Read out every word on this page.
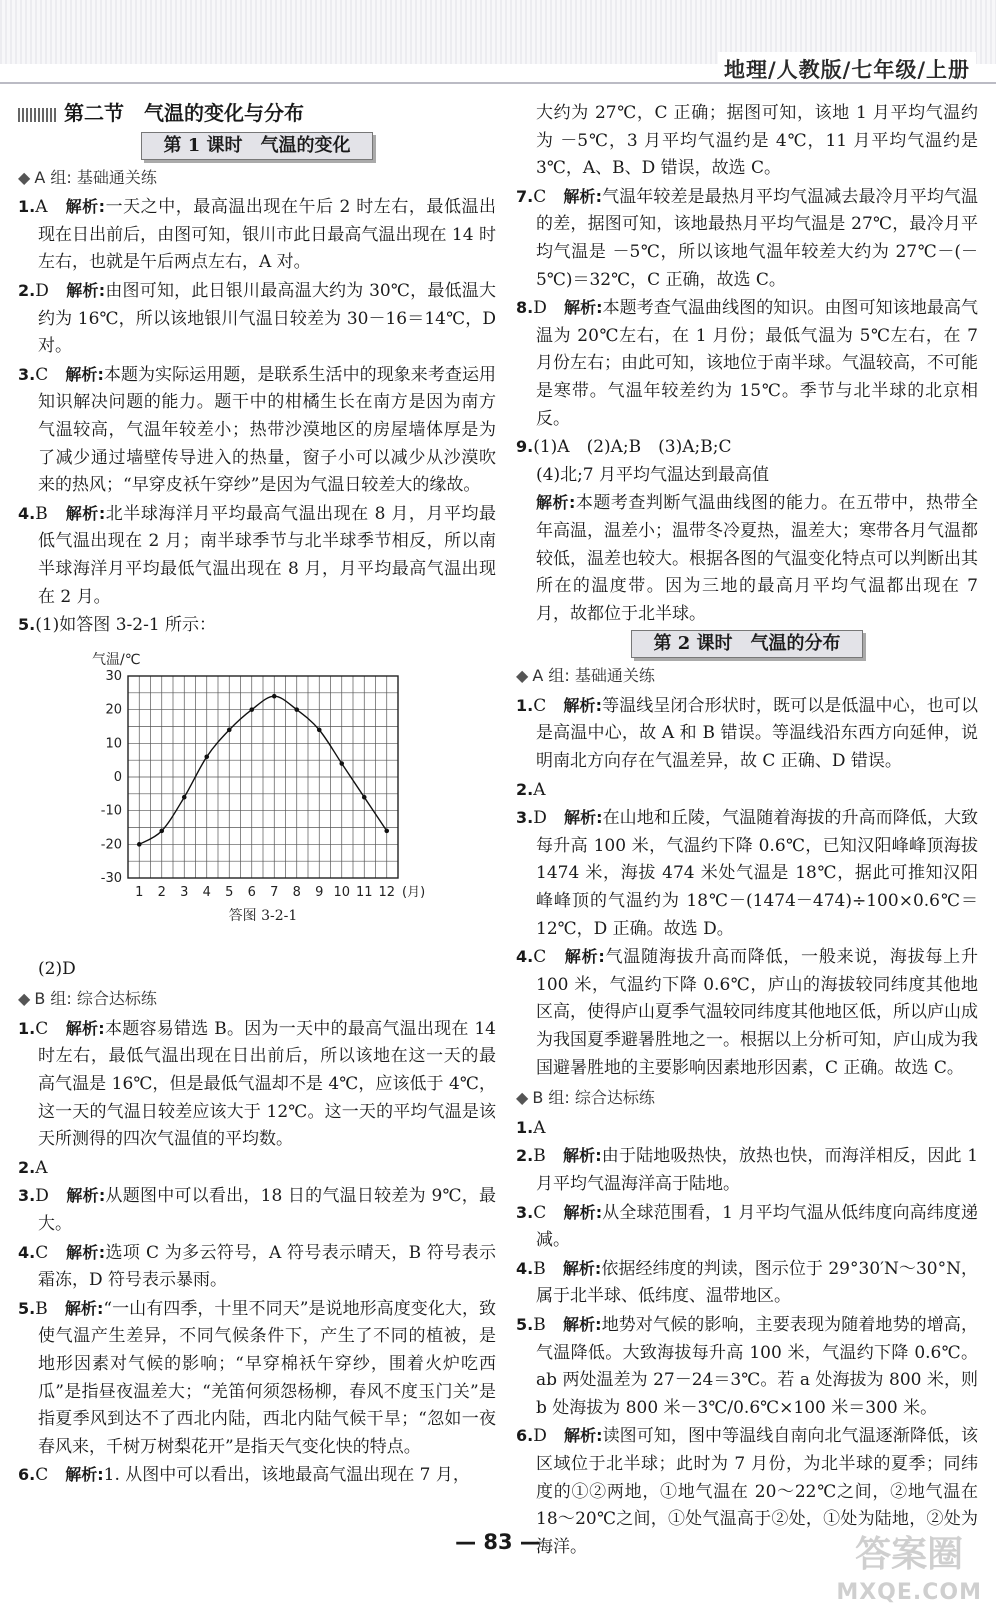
地理/人教版/七年级/上册
第二节　气温的变化与分布
第 1 课时　气温的变化
◆ A 组: 基础通关练

1.A　 解析:一天之中，最高温出现在午后 2 时左右，最低温出现在日出前后，由图可知，银川市此日最高气温出现在 14 时左右，也就是午后两点左右，A 对。

2.D　 解析:由图可知，此日银川最高温大约为 30℃，最低温大约为 16℃，所以该地银川气温日较差为 30－16＝14℃，D 对。

3.C　 解析:本题为实际运用题，是联系生活中的现象来考查运用知识解决问题的能力。题干中的柑橘生长在南方是因为南方气温较高，气温年较差小；热带沙漠地区的房屋墙体厚是为了减少通过墙壁传导进入的热量，窗子小可以减少从沙漠吹来的热风；“早穿皮袄午穿纱”是因为气温日较差大的缘故。

4.B　 解析:北半球海洋月平均最高气温出现在 8 月，月平均最低气温出现在 2 月；南半球季节与北半球季节相反，所以南半球海洋月平均最低气温出现在 8 月，月平均最高气温出现在 2 月。

5.(1)如答图 3-2-1 所示：

-30
-20
-10
0
10
20
30
1 2 3 4 5 6 7 8 9 10 11 12 (月)
气温/℃
答图 3-2-1

(2)D

◆ B 组: 综合达标练

1.C　 解析:本题容易错选 B。因为一天中的最高气温出现在 14 时左右，最低气温出现在日出前后，所以该地在这一天的最高气温是 16℃，但是最低气温却不是 4℃，应该低于 4℃，这一天的气温日较差应该大于 12℃。这一天的平均气温是该天所测得的四次气温值的平均数。

2.A

3.D　 解析:从题图中可以看出，18 日的气温日较差为 9℃，最大。

4.C　 解析:选项 C 为多云符号，A 符号表示晴天，B 符号表示霜冻，D 符号表示暴雨。

5.B　 解析:“一山有四季，十里不同天”是说地形高度变化大，致使气温产生差异，不同气候条件下，产生了不同的植被，是地形因素对气候的影响；“早穿棉袄午穿纱，围着火炉吃西瓜”是指昼夜温差大；“羌笛何须怨杨柳，春风不度玉门关”是指夏季风到达不了西北内陆，西北内陆气候干旱；“忽如一夜春风来，千树万树梨花开”是指天气变化快的特点。

6.C　 解析:1. 从图中可以看出，该地最高气温出现在 7 月，

大约为 27℃，C 正确；据图可知，该地 1 月平均气温约为 －5℃，3 月平均气温约是 4℃，11 月平均气温约是 3℃，A、B、D 错误，故选 C。

7.C　 解析:气温年较差是最热月平均气温减去最冷月平均气温的差，据图可知，该地最热月平均气温是 27℃，最冷月平均气温是 －5℃，所以该地气温年较差大约为 27℃－(－5℃)＝32℃，C 正确，故选 C。

8.D　 解析:本题考查气温曲线图的知识。由图可知该地最高气温为 20℃左右，在 1 月份；最低气温为 5℃左右，在 7 月份左右；由此可知，该地位于南半球。气温较高，不可能是寒带。气温年较差约为 15℃。季节与北半球的北京相反。

9.(1)A　(2)A;B　(3)A;B;C

(4)北;7 月平均气温达到最高值

解析:本题考查判断气温曲线图的能力。在五带中，热带全年高温，温差小；温带冬冷夏热，温差大；寒带各月气温都较低，温差也较大。根据各图的气温变化特点可以判断出其所在的温度带。因为三地的最高月平均气温都出现在 7 月，故都位于北半球。

第 2 课时　气温的分布
◆ A 组: 基础通关练

1.C　 解析:等温线呈闭合形状时，既可以是低温中心，也可以是高温中心，故 A 和 B 错误。等温线沿东西方向延伸，说明南北方向存在气温差异，故 C 正确、D 错误。

2.A

3.D　 解析:在山地和丘陵，气温随着海拔的升高而降低，大致每升高 100 米，气温约下降 0.6℃，已知汉阳峰峰顶海拔 1474 米，海拔 474 米处气温是 18℃，据此可推知汉阳峰峰顶的气温约为 18℃－(1474－474)÷100×0.6℃＝12℃，D 正确。故选 D。

4.C　 解析:气温随海拔升高而降低，一般来说，海拔每上升 100 米，气温约下降 0.6℃，庐山的海拔较同纬度其他地区高，使得庐山夏季气温较同纬度其他地区低，所以庐山成为我国夏季避暑胜地之一。根据以上分析可知，庐山成为我国避暑胜地的主要影响因素地形因素，C 正确。故选 C。

◆ B 组: 综合达标练

1.A

2.B　 解析:由于陆地吸热快，放热也快，而海洋相反，因此 1 月平均气温海洋高于陆地。

3.C　 解析:从全球范围看，1 月平均气温从低纬度向高纬度递减。

4.B　 解析:依据经纬度的判读，图示位于 29°30′N～30°N，属于北半球、低纬度、温带地区。

5.B　 解析:地势对气候的影响，主要表现为随着地势的增高，气温降低。大致海拔每升高 100 米，气温约下降 0.6℃。ab 两处温差为 27－24＝3℃。若 a 处海拔为 800 米，则 b 处海拔为 800 米－3℃/0.6℃×100 米＝300 米。

6.D　 解析:读图可知，图中等温线自南向北气温逐渐降低，该区域位于北半球；此时为 7 月份，为北半球的夏季；同纬度的①②两地，①地气温在 20～22℃之间，②地气温在 18～20℃之间，①处气温高于②处，①处为陆地，②处为海洋。

— 83 —	答案圈
MXQE.COM
